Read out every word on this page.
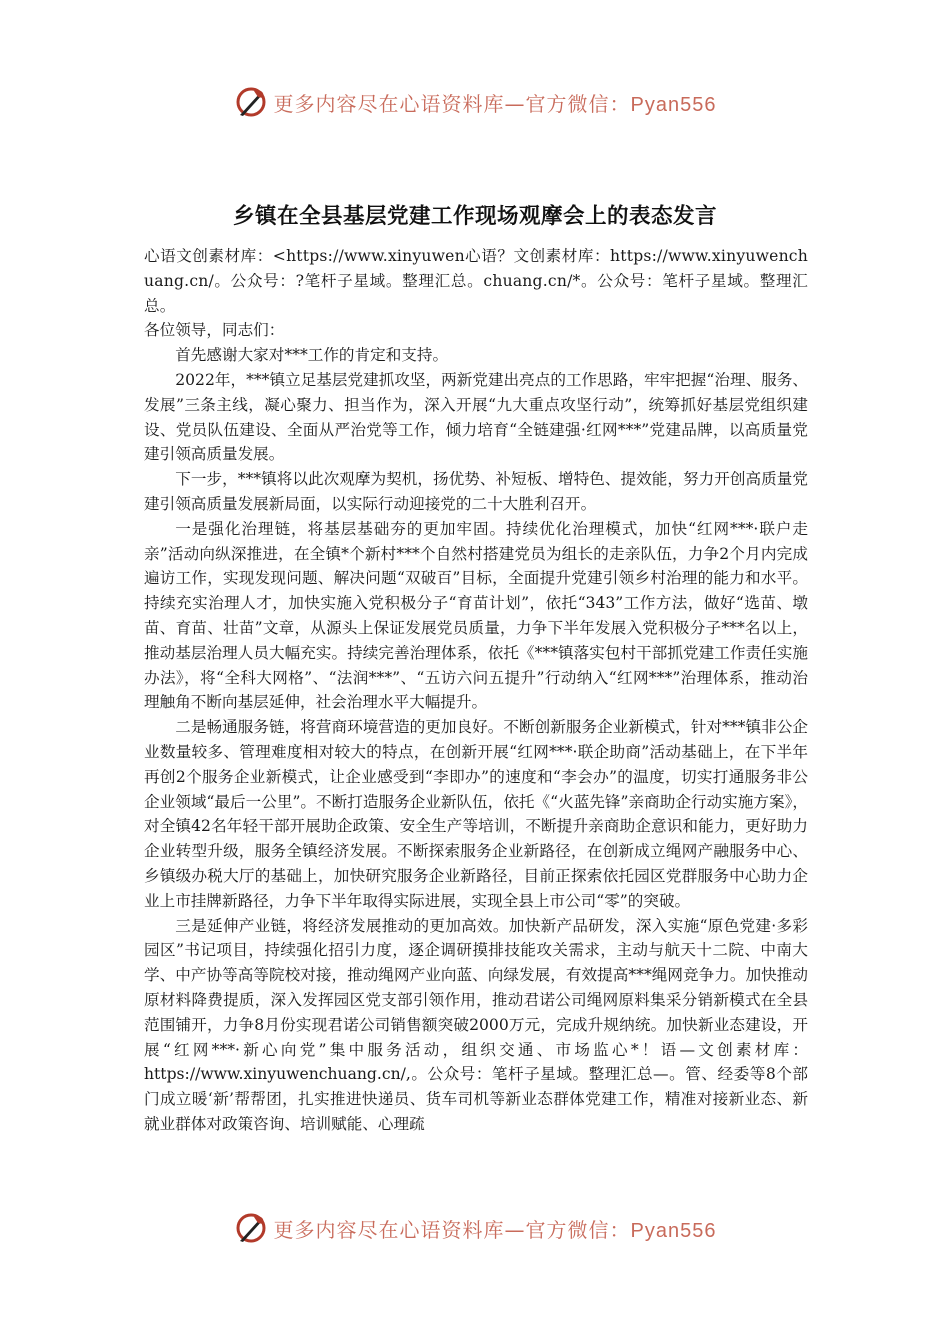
更多内容尽在心语资料库—官方微信：Pyan556
乡镇在全县基层党建工作现场观摩会上的表态发言

心语文创素材库：<https://www.xinyuwen心语？文创素材库：https://www.xinyuwenchuang.cn/。公众号：?笔杆子星域。整理汇总。chuang.cn/*。公众号：笔杆子星域。整理汇总。

各位领导，同志们：

首先感谢大家对***工作的肯定和支持。

2022年，***镇立足基层党建抓攻坚，两新党建出亮点的工作思路，牢牢把握“治理、服务、发展”三条主线，凝心聚力、担当作为，深入开展“九大重点攻坚行动”，统筹抓好基层党组织建设、党员队伍建设、全面从严治党等工作，倾力培育“全链建强·红网***”党建品牌，以高质量党建引领高质量发展。

下一步，***镇将以此次观摩为契机，扬优势、补短板、增特色、提效能，努力开创高质量党建引领高质量发展新局面，以实际行动迎接党的二十大胜利召开。

一是强化治理链，将基层基础夯的更加牢固。持续优化治理模式，加快“红网***·联户走亲”活动向纵深推进，在全镇*个新村***个自然村搭建党员为组长的走亲队伍，力争2个月内完成遍访工作，实现发现问题、解决问题“双破百”目标，全面提升党建引领乡村治理的能力和水平。持续充实治理人才，加快实施入党积极分子“育苗计划”，依托“343”工作方法，做好“选苗、墩苗、育苗、壮苗”文章，从源头上保证发展党员质量，力争下半年发展入党积极分子***名以上，推动基层治理人员大幅充实。持续完善治理体系，依托《***镇落实包村干部抓党建工作责任实施办法》，将“全科大网格”、“法润***”、“五访六问五提升”行动纳入“红网***”治理体系，推动治理触角不断向基层延伸，社会治理水平大幅提升。

二是畅通服务链，将营商环境营造的更加良好。不断创新服务企业新模式，针对***镇非公企业数量较多、管理难度相对较大的特点，在创新开展“红网***·联企助商”活动基础上，在下半年再创2个服务企业新模式，让企业感受到“李即办”的速度和“李会办”的温度，切实打通服务非公企业领域“最后一公里”。不断打造服务企业新队伍，依托《“火蓝先锋”亲商助企行动实施方案》，对全镇42名年轻干部开展助企政策、安全生产等培训，不断提升亲商助企意识和能力，更好助力企业转型升级，服务全镇经济发展。不断探索服务企业新路径，在创新成立绳网产融服务中心、乡镇级办税大厅的基础上，加快研究服务企业新路径，目前正探索依托园区党群服务中心助力企业上市挂牌新路径，力争下半年取得实际进展，实现全县上市公司“零”的突破。

三是延伸产业链，将经济发展推动的更加高效。加快新产品研发，深入实施“原色党建·多彩园区”书记项目，持续强化招引力度，逐企调研摸排技能攻关需求，主动与航天十二院、中南大学、中产协等高等院校对接，推动绳网产业向蓝、向绿发展，有效提高***绳网竞争力。加快推动原材料降费提质，深入发挥园区党支部引领作用，推动君诺公司绳网原料集采分销新模式在全县范围铺开，力争8月份实现君诺公司销售额突破2000万元，完成升规纳统。加快新业态建设，开展“红网***·新心向党”集中服务活动，组织交通、市场监心*！语—文创素材库：https://www.xinyuwenchuang.cn/,。公众号：笔杆子星域。整理汇总—。管、经委等8个部门成立暖‘新’帮帮团，扎实推进快递员、货车司机等新业态群体党建工作，精准对接新业态、新就业群体对政策咨询、培训赋能、心理疏

更多内容尽在心语资料库—官方微信：Pyan556
